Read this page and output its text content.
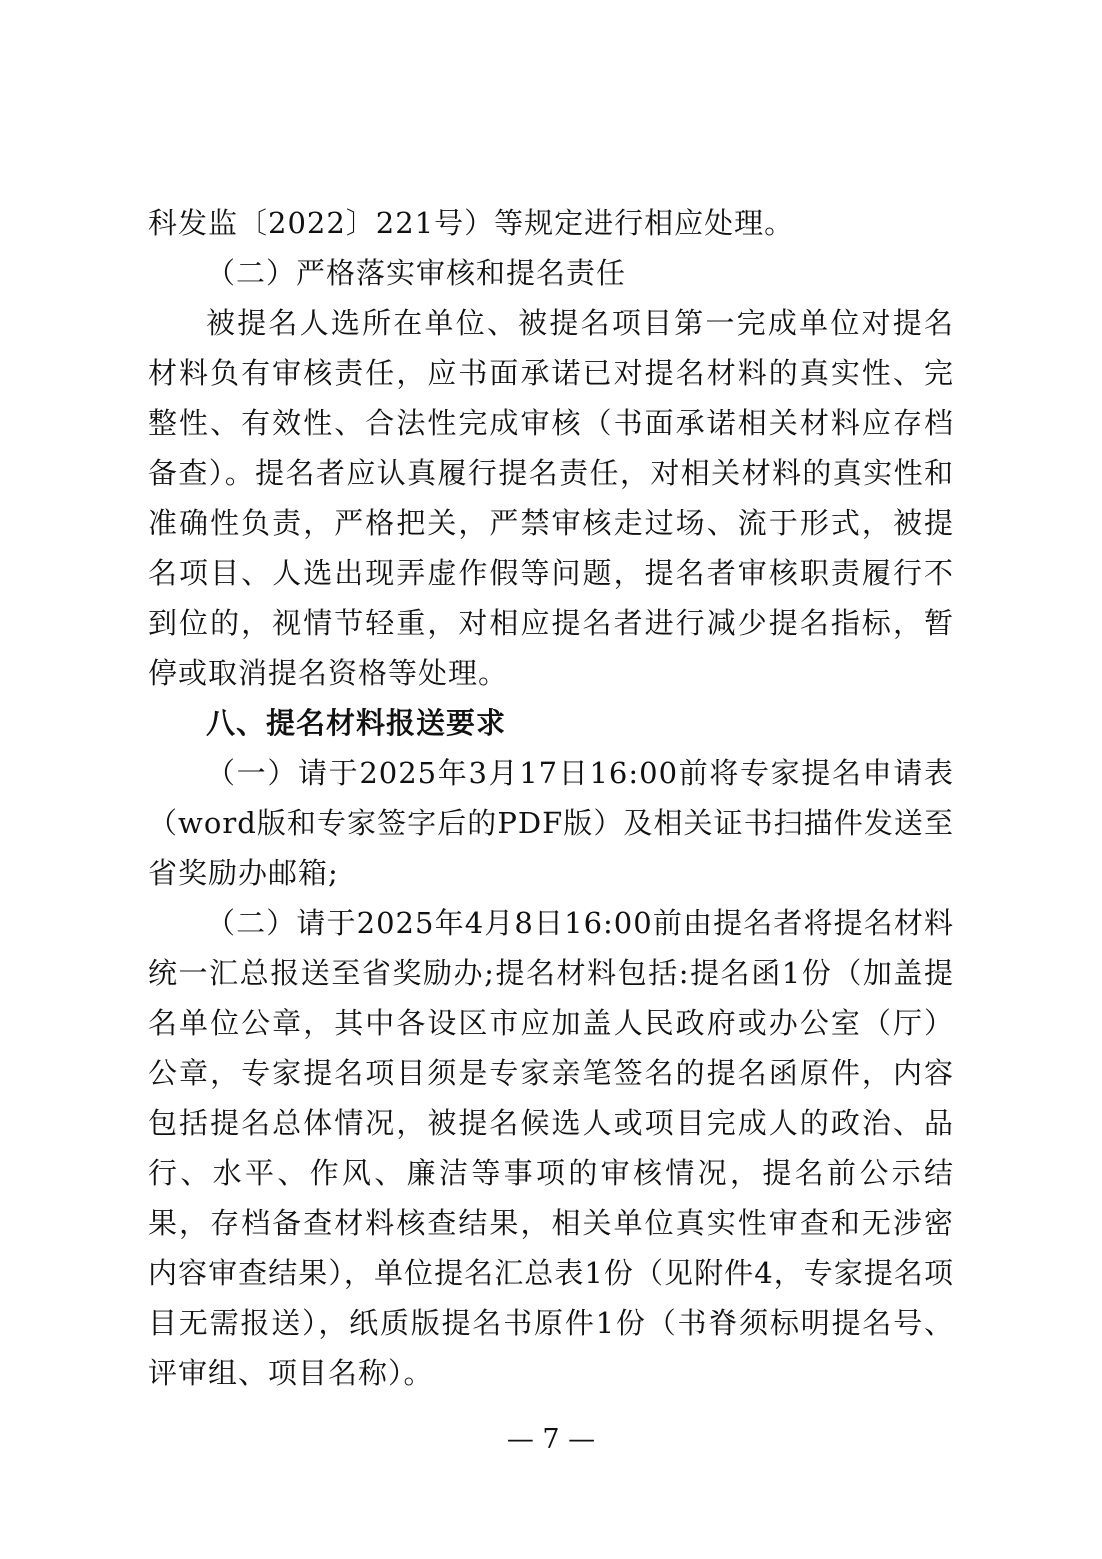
科发监〔2022〕221号）等规定进行相应处理。

（二）严格落实审核和提名责任

被提名人选所在单位、被提名项目第一完成单位对提名材料负有审核责任，应书面承诺已对提名材料的真实性、完整性、有效性、合法性完成审核（书面承诺相关材料应存档备查）。提名者应认真履行提名责任，对相关材料的真实性和准确性负责，严格把关，严禁审核走过场、流于形式，被提名项目、人选出现弄虚作假等问题，提名者审核职责履行不到位的，视情节轻重，对相应提名者进行减少提名指标，暂停或取消提名资格等处理。

八、提名材料报送要求

（一）请于2025年3月17日16:00前将专家提名申请表（word版和专家签字后的PDF版）及相关证书扫描件发送至省奖励办邮箱;

（二）请于2025年4月8日16:00前由提名者将提名材料统一汇总报送至省奖励办;提名材料包括:提名函1份（加盖提名单位公章，其中各设区市应加盖人民政府或办公室（厅）公章，专家提名项目须是专家亲笔签名的提名函原件，内容包括提名总体情况，被提名候选人或项目完成人的政治、品行、水平、作风、廉洁等事项的审核情况，提名前公示结果，存档备查材料核查结果，相关单位真实性审查和无涉密内容审查结果），单位提名汇总表1份（见附件4，专家提名项目无需报送），纸质版提名书原件1份（书脊须标明提名号、评审组、项目名称）。

— 7 —
